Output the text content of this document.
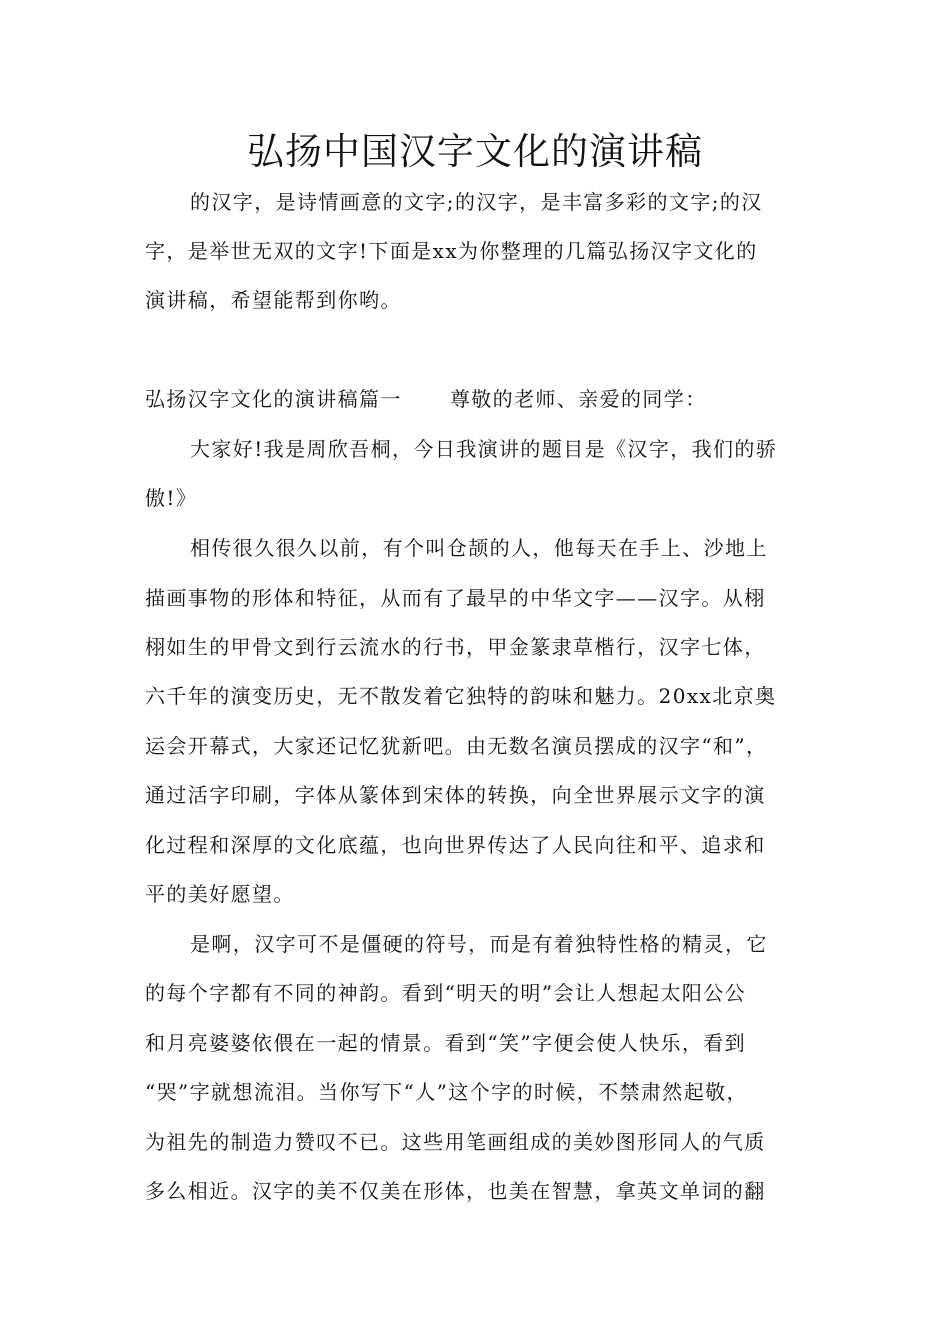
弘扬中国汉字文化的演讲稿
的汉字，是诗情画意的文字;的汉字，是丰富多彩的文字;的汉
字，是举世无双的文字!下面是xx为你整理的几篇弘扬汉字文化的
演讲稿，希望能帮到你哟。
弘扬汉字文化的演讲稿篇一 尊敬的老师、亲爱的同学：
大家好!我是周欣吾桐，今日我演讲的题目是《汉字，我们的骄
傲!》
相传很久很久以前，有个叫仓颉的人，他每天在手上、沙地上
描画事物的形体和特征，从而有了最早的中华文字——汉字。从栩
栩如生的甲骨文到行云流水的行书，甲金篆隶草楷行，汉字七体，
六千年的演变历史，无不散发着它独特的韵味和魅力。20xx北京奥
运会开幕式，大家还记忆犹新吧。由无数名演员摆成的汉字“和”，
通过活字印刷，字体从篆体到宋体的转换，向全世界展示文字的演
化过程和深厚的文化底蕴，也向世界传达了人民向往和平、追求和
平的美好愿望。
是啊，汉字可不是僵硬的符号，而是有着独特性格的精灵，它
的每个字都有不同的神韵。看到“明天的明”会让人想起太阳公公
和月亮婆婆依偎在一起的情景。看到“笑”字便会使人快乐，看到
“哭”字就想流泪。当你写下“人”这个字的时候，不禁肃然起敬，
为祖先的制造力赞叹不已。这些用笔画组成的美妙图形同人的气质
多么相近。汉字的美不仅美在形体，也美在智慧，拿英文单词的翻
